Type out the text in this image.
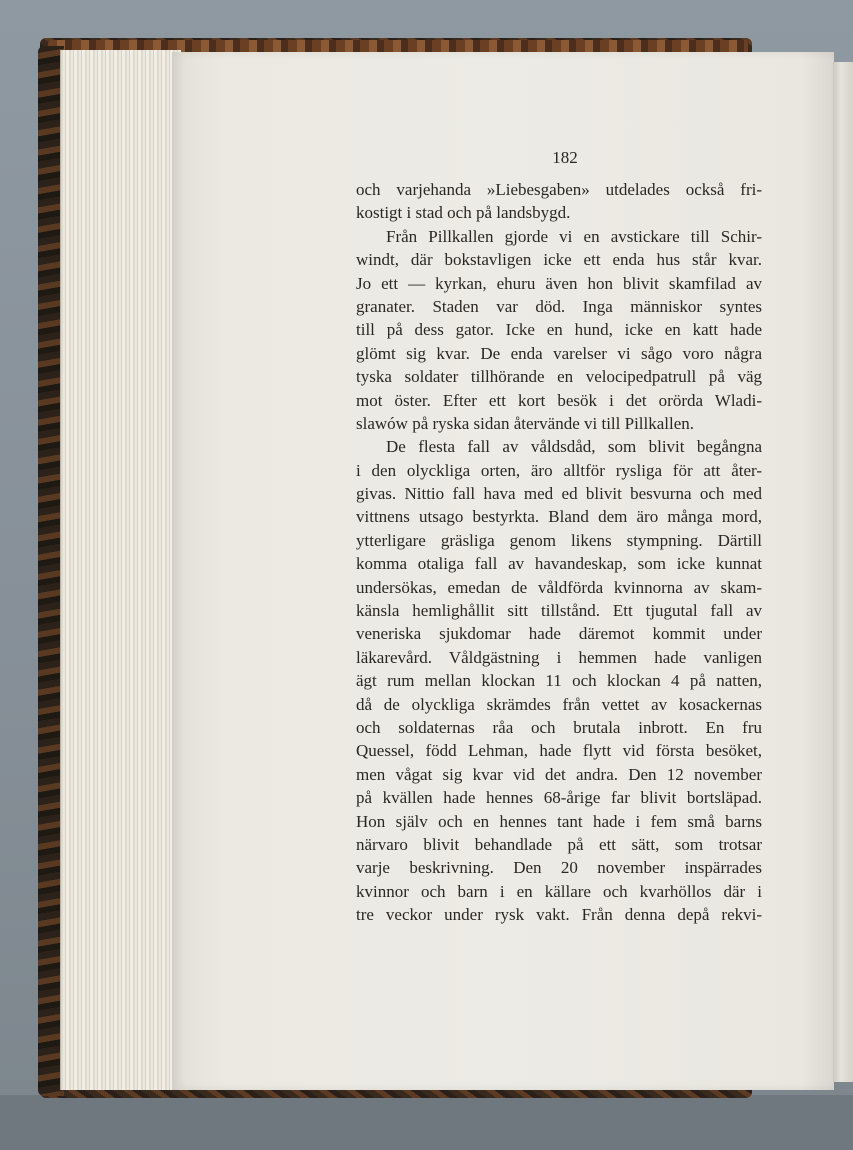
182
och varjehanda »Liebesgaben» utdelades också fri-
kostigt i stad och på landsbygd.
Från Pillkallen gjorde vi en avstickare till Schir-
windt, där bokstavligen icke ett enda hus står kvar.
Jo ett — kyrkan, ehuru även hon blivit skamfilad av
granater. Staden var död. Inga människor syntes
till på dess gator. Icke en hund, icke en katt hade
glömt sig kvar. De enda varelser vi sågo voro några
tyska soldater tillhörande en velocipedpatrull på väg
mot öster. Efter ett kort besök i det orörda Wladi-
slawów på ryska sidan återvände vi till Pillkallen.
De flesta fall av våldsdåd, som blivit begångna
i den olyckliga orten, äro alltför rysliga för att åter-
givas. Nittio fall hava med ed blivit besvurna och med
vittnens utsago bestyrkta. Bland dem äro många mord,
ytterligare gräsliga genom likens stympning. Därtill
komma otaliga fall av havandeskap, som icke kunnat
undersökas, emedan de våldförda kvinnorna av skam-
känsla hemlighållit sitt tillstånd. Ett tjugutal fall av
veneriska sjukdomar hade däremot kommit under
läkarevård. Våldgästning i hemmen hade vanligen
ägt rum mellan klockan 11 och klockan 4 på natten,
då de olyckliga skrämdes från vettet av kosackernas
och soldaternas råa och brutala inbrott. En fru
Quessel, född Lehman, hade flytt vid första besöket,
men vågat sig kvar vid det andra. Den 12 november
på kvällen hade hennes 68-årige far blivit bortsläpad.
Hon själv och en hennes tant hade i fem små barns
närvaro blivit behandlade på ett sätt, som trotsar
varje beskrivning. Den 20 november inspärrades
kvinnor och barn i en källare och kvarhöllos där i
tre veckor under rysk vakt. Från denna depå rekvi-
